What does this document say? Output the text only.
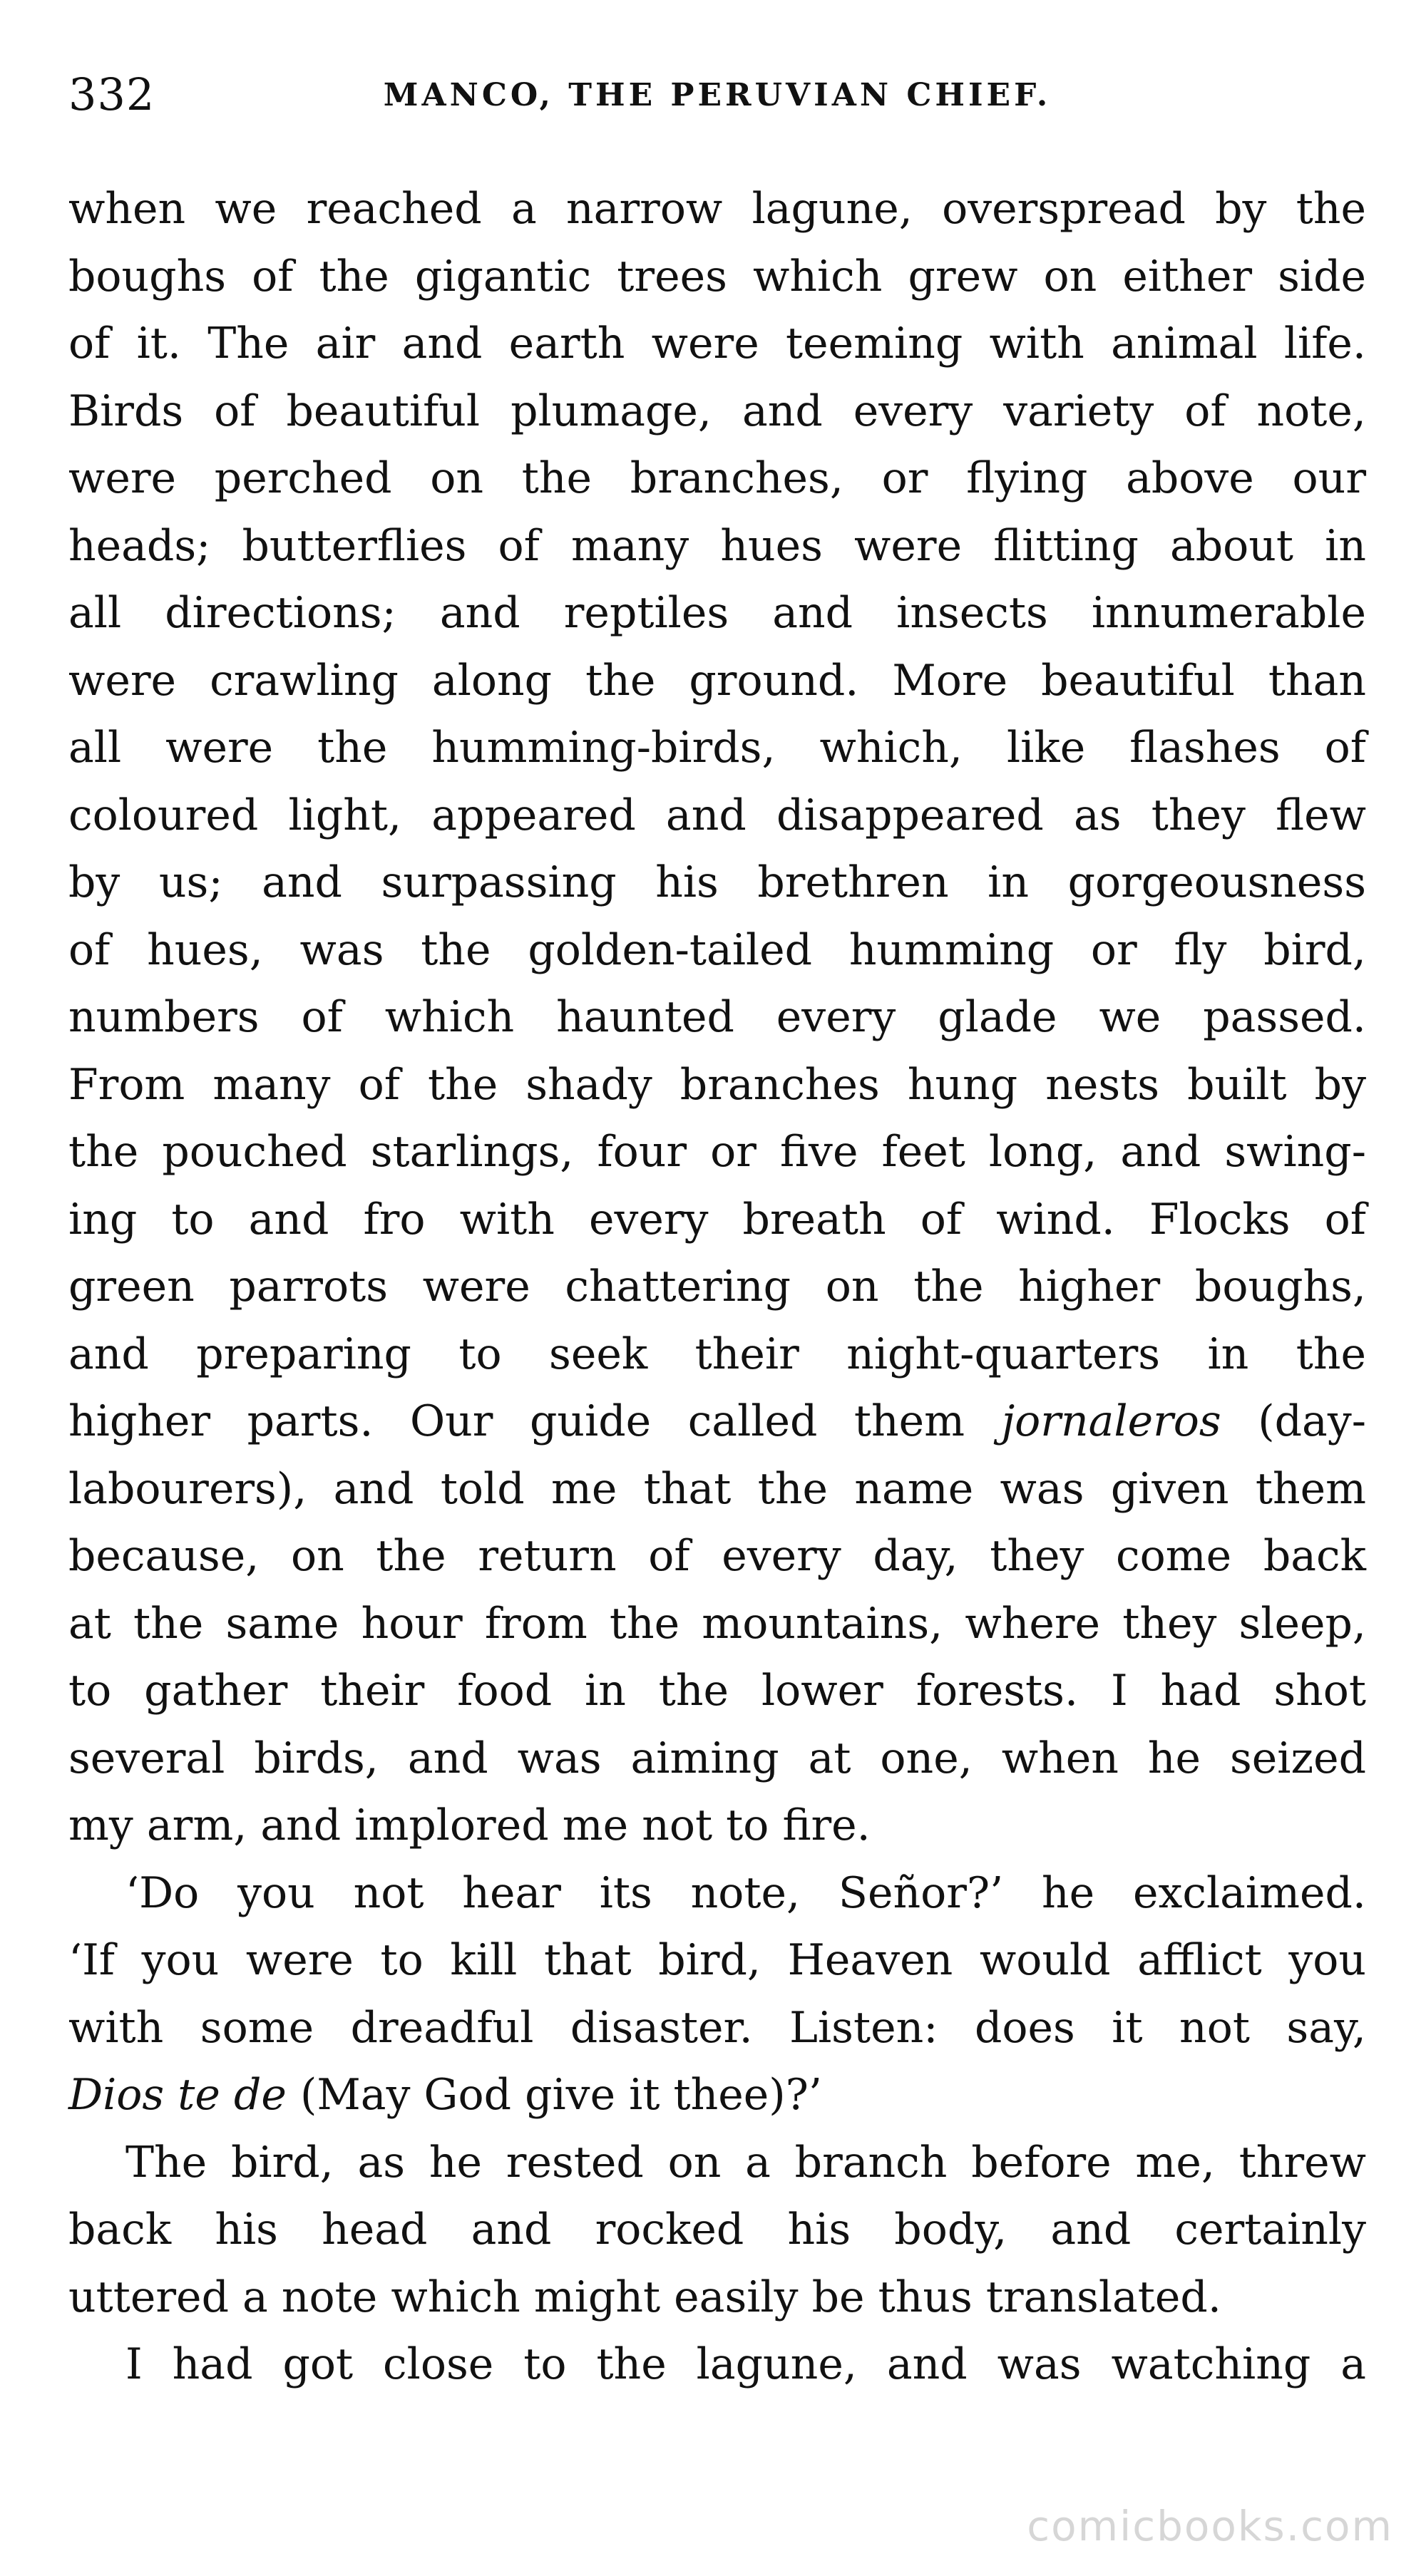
332	MANCO, THE PERUVIAN CHIEF.
when we reached a narrow lagune, overspread by the
boughs of the gigantic trees which grew on either side
of it. The air and earth were teeming with animal life.
Birds of beautiful plumage, and every variety of note,
were perched on the branches, or flying above our
heads; butterflies of many hues were flitting about in
all directions; and reptiles and insects innumerable
were crawling along the ground. More beautiful than
all were the humming-birds, which, like flashes of
coloured light, appeared and disappeared as they flew
by us; and surpassing his brethren in gorgeousness
of hues, was the golden-tailed humming or fly bird,
numbers of which haunted every glade we passed.
From many of the shady branches hung nests built by
the pouched starlings, four or five feet long, and swing-
ing to and fro with every breath of wind. Flocks of
green parrots were chattering on the higher boughs,
and preparing to seek their night-quarters in the
higher parts. Our guide called them jornaleros (day-
labourers), and told me that the name was given them
because, on the return of every day, they come back
at the same hour from the mountains, where they sleep,
to gather their food in the lower forests. I had shot
several birds, and was aiming at one, when he seized
my arm, and implored me not to fire.
‘Do you not hear its note, Señor?’ he exclaimed.
‘If you were to kill that bird, Heaven would afflict you
with some dreadful disaster. Listen: does it not say,
Dios te de (May God give it thee)?’
The bird, as he rested on a branch before me, threw
back his head and rocked his body, and certainly
uttered a note which might easily be thus translated.
I had got close to the lagune, and was watching a
comicbooks.com
